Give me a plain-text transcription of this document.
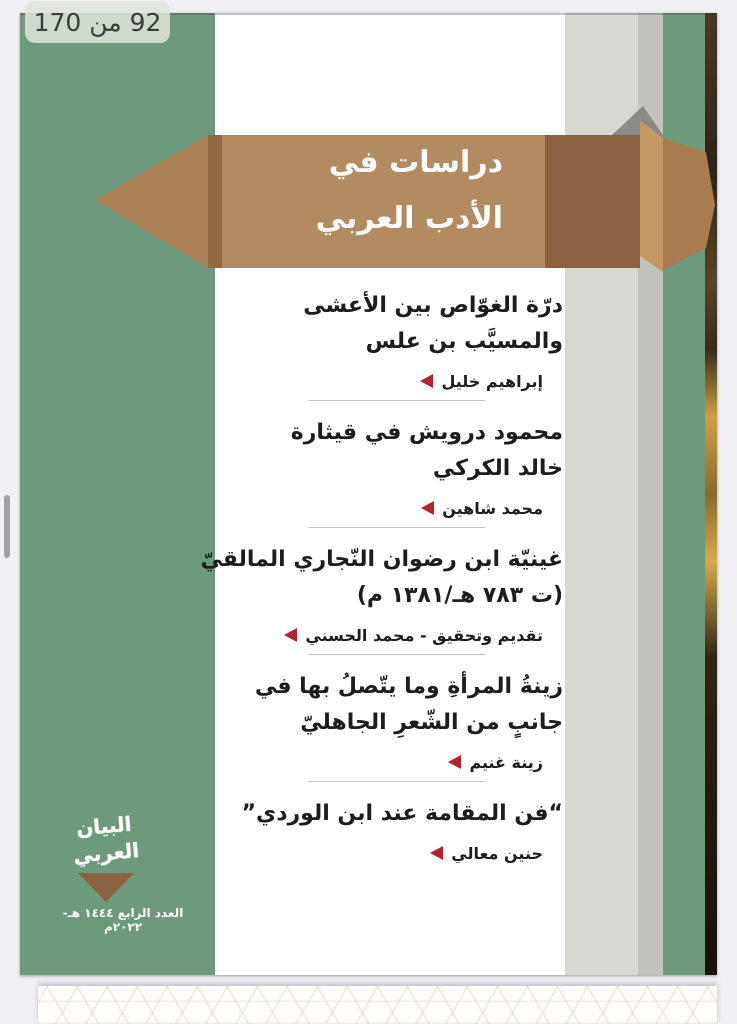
دراسات في
الأدب العربي
درّة الغوّاص بين الأعشى
والمسيَّب بن علس
إبراهيم خليل
محمود درويش في قيثارة
خالد الكركي
محمد شاهين
غينيّة ابن رضوان النّجاري المالقيّ
(ت ٧٨٣ هـ/١٣٨١ م)
تقديم وتحقيق - محمد الحسني
زينةُ المرأةِ وما يتّصلُ بها في
جانبٍ من الشّعرِ الجاهليّ
زينة غنيم
“فن المقامة عند ابن الوردي”
حنين معالي
البيان العربي
العدد الرابع ١٤٤٤ هـ- ٢٠٢٢م
92 من 170
